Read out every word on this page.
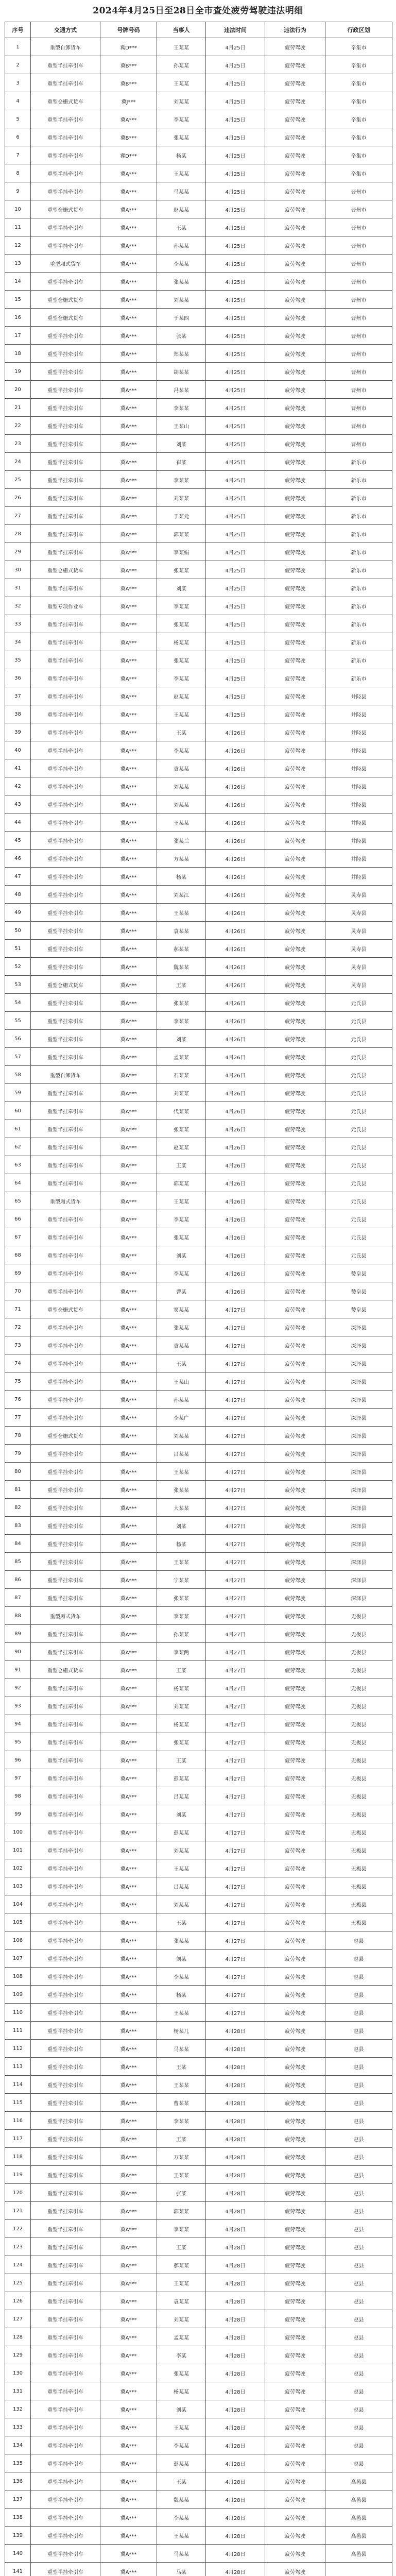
2024年4月25日至28日全市查处疲劳驾驶违法明细
序号	交通方式	号牌号码	当事人	违法时间	违法行为	行政区划
1	重型自卸货车	冀D***	王某某	4月25日	疲劳驾驶	辛集市
2	重型半挂牵引车	冀B***	孙某某	4月25日	疲劳驾驶	辛集市
3	重型半挂牵引车	冀B***	王某某	4月25日	疲劳驾驶	辛集市
4	重型仓栅式货车	冀J***	刘某某	4月25日	疲劳驾驶	辛集市
5	重型半挂牵引车	冀A***	李某某	4月25日	疲劳驾驶	辛集市
6	重型半挂牵引车	冀B***	张某某	4月25日	疲劳驾驶	辛集市
7	重型半挂牵引车	冀D***	杨某	4月25日	疲劳驾驶	辛集市
8	重型半挂牵引车	冀A***	王某某	4月25日	疲劳驾驶	辛集市
9	重型半挂牵引车	冀A***	马某某	4月25日	疲劳驾驶	晋州市
10	重型仓栅式货车	冀A***	赵某某	4月25日	疲劳驾驶	晋州市
11	重型半挂牵引车	冀A***	王某	4月25日	疲劳驾驶	晋州市
12	重型半挂牵引车	冀A***	孙某某	4月25日	疲劳驾驶	晋州市
13	重型厢式货车	冀A***	李某某	4月25日	疲劳驾驶	晋州市
14	重型半挂牵引车	冀A***	张某某	4月25日	疲劳驾驶	晋州市
15	重型仓栅式货车	冀A***	刘某某	4月25日	疲劳驾驶	晋州市
16	重型仓栅式货车	冀A***	于某四	4月25日	疲劳驾驶	晋州市
17	重型半挂牵引车	冀A***	张某	4月25日	疲劳驾驶	晋州市
18	重型半挂牵引车	冀A***	郑某某	4月25日	疲劳驾驶	晋州市
19	重型半挂牵引车	冀A***	胡某某	4月25日	疲劳驾驶	晋州市
20	重型半挂牵引车	冀A***	冯某某	4月25日	疲劳驾驶	晋州市
21	重型半挂牵引车	冀A***	李某某	4月25日	疲劳驾驶	晋州市
22	重型半挂牵引车	冀A***	王某山	4月25日	疲劳驾驶	晋州市
23	重型半挂牵引车	冀A***	刘某	4月25日	疲劳驾驶	晋州市
24	重型半挂牵引车	冀A***	崔某	4月25日	疲劳驾驶	新乐市
25	重型半挂牵引车	冀A***	李某某	4月25日	疲劳驾驶	新乐市
26	重型半挂牵引车	冀A***	刘某某	4月25日	疲劳驾驶	新乐市
27	重型半挂牵引车	冀A***	于某元	4月25日	疲劳驾驶	新乐市
28	重型半挂牵引车	冀A***	郭某某	4月25日	疲劳驾驶	新乐市
29	重型半挂牵引车	冀A***	李某娟	4月25日	疲劳驾驶	新乐市
30	重型仓栅式货车	冀A***	张某某	4月25日	疲劳驾驶	新乐市
31	重型半挂牵引车	冀A***	刘某	4月25日	疲劳驾驶	新乐市
32	重型专项作业车	冀A***	李某某	4月25日	疲劳驾驶	新乐市
33	重型半挂牵引车	冀A***	张某某	4月25日	疲劳驾驶	新乐市
34	重型半挂牵引车	冀A***	杨某某	4月25日	疲劳驾驶	新乐市
35	重型半挂牵引车	冀A***	张某某	4月25日	疲劳驾驶	新乐市
36	重型半挂牵引车	冀A***	李某某	4月25日	疲劳驾驶	新乐市
37	重型半挂牵引车	冀A***	赵某某	4月25日	疲劳驾驶	井陉县
38	重型半挂牵引车	冀A***	王某某	4月25日	疲劳驾驶	井陉县
39	重型半挂牵引车	冀A***	王某	4月26日	疲劳驾驶	井陉县
40	重型半挂牵引车	冀A***	李某某	4月26日	疲劳驾驶	井陉县
41	重型半挂牵引车	冀A***	袁某某	4月26日	疲劳驾驶	井陉县
42	重型半挂牵引车	冀A***	刘某某	4月26日	疲劳驾驶	井陉县
43	重型半挂牵引车	冀A***	刘某某	4月26日	疲劳驾驶	井陉县
44	重型半挂牵引车	冀A***	王某某	4月26日	疲劳驾驶	井陉县
45	重型半挂牵引车	冀A***	张某兰	4月26日	疲劳驾驶	井陉县
46	重型半挂牵引车	冀A***	方某某	4月26日	疲劳驾驶	井陉县
47	重型半挂牵引车	冀A***	杨某	4月26日	疲劳驾驶	井陉县
48	重型半挂牵引车	冀A***	刘某江	4月26日	疲劳驾驶	灵寿县
49	重型半挂牵引车	冀A***	王某某	4月26日	疲劳驾驶	灵寿县
50	重型半挂牵引车	冀A***	袁某某	4月26日	疲劳驾驶	灵寿县
51	重型半挂牵引车	冀A***	郝某某	4月26日	疲劳驾驶	灵寿县
52	重型半挂牵引车	冀A***	魏某某	4月26日	疲劳驾驶	灵寿县
53	重型仓栅式货车	冀A***	王某	4月26日	疲劳驾驶	灵寿县
54	重型半挂牵引车	冀A***	张某某	4月26日	疲劳驾驶	元氏县
55	重型半挂牵引车	冀A***	李某某	4月26日	疲劳驾驶	元氏县
56	重型半挂牵引车	冀A***	刘某	4月26日	疲劳驾驶	元氏县
57	重型半挂牵引车	冀A***	孟某某	4月26日	疲劳驾驶	元氏县
58	重型自卸货车	冀A***	石某某	4月26日	疲劳驾驶	元氏县
59	重型半挂牵引车	冀A***	刘某某	4月26日	疲劳驾驶	元氏县
60	重型半挂牵引车	冀A***	代某某	4月26日	疲劳驾驶	元氏县
61	重型半挂牵引车	冀A***	张某某	4月26日	疲劳驾驶	元氏县
62	重型半挂牵引车	冀A***	赵某某	4月26日	疲劳驾驶	元氏县
63	重型半挂牵引车	冀A***	王某	4月26日	疲劳驾驶	元氏县
64	重型半挂牵引车	冀A***	郭某某	4月26日	疲劳驾驶	元氏县
65	重型厢式货车	冀A***	王某某	4月26日	疲劳驾驶	元氏县
66	重型半挂牵引车	冀A***	李某某	4月26日	疲劳驾驶	元氏县
67	重型半挂牵引车	冀A***	张某某	4月26日	疲劳驾驶	元氏县
68	重型半挂牵引车	冀A***	刘某	4月26日	疲劳驾驶	元氏县
69	重型半挂牵引车	冀A***	李某某	4月26日	疲劳驾驶	赞皇县
70	重型半挂牵引车	冀A***	曹某	4月26日	疲劳驾驶	赞皇县
71	重型仓栅式货车	冀A***	窦某某	4月27日	疲劳驾驶	赞皇县
72	重型半挂牵引车	冀A***	张某某	4月27日	疲劳驾驶	深泽县
73	重型半挂牵引车	冀A***	袁某某	4月27日	疲劳驾驶	深泽县
74	重型半挂牵引车	冀A***	王某	4月27日	疲劳驾驶	深泽县
75	重型半挂牵引车	冀A***	王某山	4月27日	疲劳驾驶	深泽县
76	重型半挂牵引车	冀A***	孙某某	4月27日	疲劳驾驶	深泽县
77	重型半挂牵引车	冀A***	李某广	4月27日	疲劳驾驶	深泽县
78	重型仓栅式货车	冀A***	刘某某	4月27日	疲劳驾驶	深泽县
79	重型半挂牵引车	冀A***	吕某某	4月27日	疲劳驾驶	深泽县
80	重型半挂牵引车	冀A***	王某某	4月27日	疲劳驾驶	深泽县
81	重型半挂牵引车	冀A***	张某某	4月27日	疲劳驾驶	深泽县
82	重型半挂牵引车	冀A***	大某某	4月27日	疲劳驾驶	深泽县
83	重型半挂牵引车	冀A***	刘某	4月27日	疲劳驾驶	深泽县
84	重型半挂牵引车	冀A***	杨某	4月27日	疲劳驾驶	深泽县
85	重型半挂牵引车	冀A***	王某某	4月27日	疲劳驾驶	深泽县
86	重型半挂牵引车	冀A***	宁某某	4月27日	疲劳驾驶	深泽县
87	重型半挂牵引车	冀A***	张某某	4月27日	疲劳驾驶	深泽县
88	重型厢式货车	冀A***	李某某	4月27日	疲劳驾驶	无极县
89	重型半挂牵引车	冀A***	孙某某	4月27日	疲劳驾驶	无极县
90	重型半挂牵引车	冀A***	李某两	4月27日	疲劳驾驶	无极县
91	重型仓栅式货车	冀A***	王某	4月27日	疲劳驾驶	无极县
92	重型半挂牵引车	冀A***	杨某某	4月27日	疲劳驾驶	无极县
93	重型半挂牵引车	冀A***	刘某某	4月27日	疲劳驾驶	无极县
94	重型半挂牵引车	冀A***	杨某某	4月27日	疲劳驾驶	无极县
95	重型半挂牵引车	冀A***	张某某	4月27日	疲劳驾驶	无极县
96	重型半挂牵引车	冀A***	王某	4月27日	疲劳驾驶	无极县
97	重型半挂牵引车	冀A***	彭某某	4月27日	疲劳驾驶	无极县
98	重型半挂牵引车	冀A***	吕某某	4月27日	疲劳驾驶	无极县
99	重型半挂牵引车	冀A***	刘某	4月27日	疲劳驾驶	无极县
100	重型半挂牵引车	冀A***	彭某某	4月27日	疲劳驾驶	无极县
101	重型半挂牵引车	冀A***	刘某某	4月27日	疲劳驾驶	无极县
102	重型半挂牵引车	冀A***	王某某	4月27日	疲劳驾驶	无极县
103	重型半挂牵引车	冀A***	吕某某	4月27日	疲劳驾驶	无极县
104	重型半挂牵引车	冀A***	刘某某	4月27日	疲劳驾驶	无极县
105	重型半挂牵引车	冀A***	王某	4月27日	疲劳驾驶	无极县
106	重型半挂牵引车	冀A***	张某某	4月27日	疲劳驾驶	赵县
107	重型半挂牵引车	冀A***	刘某	4月27日	疲劳驾驶	赵县
108	重型半挂牵引车	冀A***	李某某	4月27日	疲劳驾驶	赵县
109	重型半挂牵引车	冀A***	杨某	4月27日	疲劳驾驶	赵县
110	重型半挂牵引车	冀A***	王某某	4月27日	疲劳驾驶	赵县
111	重型半挂牵引车	冀A***	杨某几	4月28日	疲劳驾驶	赵县
112	重型半挂牵引车	冀A***	马某某	4月28日	疲劳驾驶	赵县
113	重型半挂牵引车	冀A***	王某	4月28日	疲劳驾驶	赵县
114	重型半挂牵引车	冀A***	王某某	4月28日	疲劳驾驶	赵县
115	重型半挂牵引车	冀A***	曹某某	4月28日	疲劳驾驶	赵县
116	重型半挂牵引车	冀A***	李某某	4月28日	疲劳驾驶	赵县
117	重型半挂牵引车	冀A***	王某	4月28日	疲劳驾驶	赵县
118	重型半挂牵引车	冀A***	万某某	4月28日	疲劳驾驶	赵县
119	重型半挂牵引车	冀A***	王某某	4月28日	疲劳驾驶	赵县
120	重型半挂牵引车	冀A***	张某	4月28日	疲劳驾驶	赵县
121	重型半挂牵引车	冀A***	郭某某	4月28日	疲劳驾驶	赵县
122	重型半挂牵引车	冀A***	李某某	4月28日	疲劳驾驶	赵县
123	重型半挂牵引车	冀A***	王某	4月28日	疲劳驾驶	赵县
124	重型半挂牵引车	冀A***	郝某某	4月28日	疲劳驾驶	赵县
125	重型半挂牵引车	冀A***	王某某	4月28日	疲劳驾驶	赵县
126	重型半挂牵引车	冀A***	袁某某	4月28日	疲劳驾驶	赵县
127	重型半挂牵引车	冀A***	刘某某	4月28日	疲劳驾驶	赵县
128	重型半挂牵引车	冀A***	孟某某	4月28日	疲劳驾驶	赵县
129	重型半挂牵引车	冀A***	李某	4月28日	疲劳驾驶	赵县
130	重型半挂牵引车	冀A***	张某某	4月28日	疲劳驾驶	赵县
131	重型半挂牵引车	冀A***	杨某某	4月28日	疲劳驾驶	赵县
132	重型半挂牵引车	冀A***	刘某	4月28日	疲劳驾驶	赵县
133	重型半挂牵引车	冀A***	王某某	4月28日	疲劳驾驶	赵县
134	重型半挂牵引车	冀A***	李某某	4月28日	疲劳驾驶	赵县
135	重型半挂牵引车	冀A***	彭某某	4月28日	疲劳驾驶	赵县
136	重型半挂牵引车	冀A***	王某	4月28日	疲劳驾驶	高邑县
137	重型半挂牵引车	冀A***	魏某某	4月28日	疲劳驾驶	高邑县
138	重型半挂牵引车	冀A***	李某某	4月28日	疲劳驾驶	高邑县
139	重型半挂牵引车	冀A***	王某某	4月28日	疲劳驾驶	高邑县
140	重型半挂牵引车	冀A***	马某某	4月28日	疲劳驾驶	高邑县
141	重型半挂牵引车	冀A***	马某	4月28日	疲劳驾驶	
